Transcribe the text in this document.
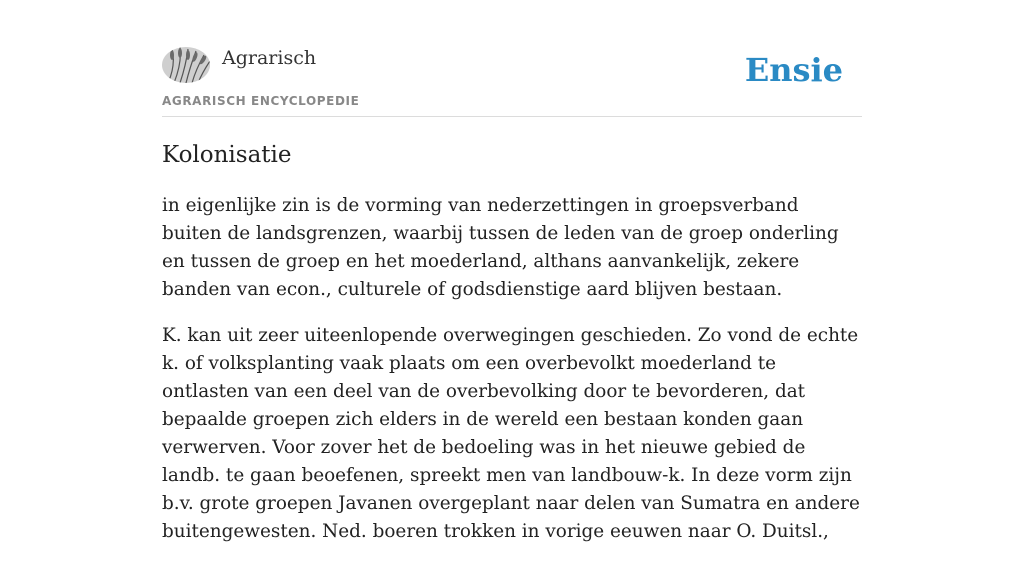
Agrarisch
AGRARISCH ENCYCLOPEDIE
Ensie
Kolonisatie

in eigenlijke zin is de vorming van nederzettingen in groepsverband buiten de landsgrenzen, waarbij tussen de leden van de groep onderling en tussen de groep en het moederland, althans aanvankelijk, zekere banden van econ., culturele of godsdienstige aard blijven bestaan.

K. kan uit zeer uiteenlopende overwegingen geschieden. Zo vond de echte k. of volksplanting vaak plaats om een overbevolkt moederland te ontlasten van een deel van de overbevolking door te bevorderen, dat bepaalde groepen zich elders in de wereld een bestaan konden gaan verwerven. Voor zover het de bedoeling was in het nieuwe gebied de landb. te gaan beoefenen, spreekt men van landbouw-k. In deze vorm zijn b.v. grote groepen Javanen overgeplant naar delen van Sumatra en andere buitengewesten. Ned. boeren trokken in vorige eeuwen naar O. Duitsl.,
